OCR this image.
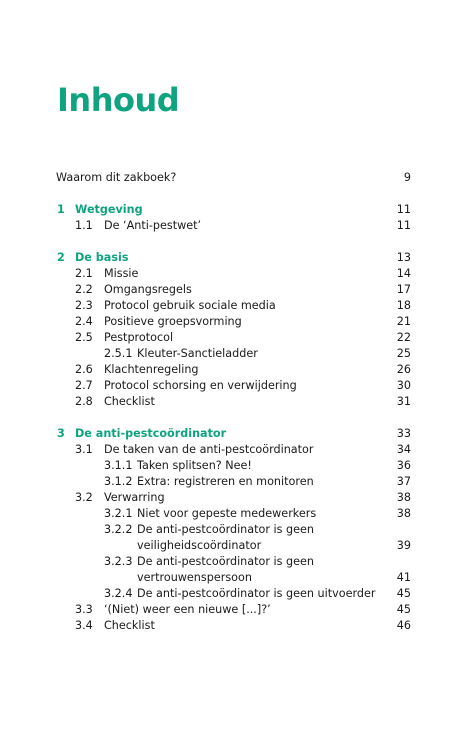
Inhoud
Waarom dit zakboek?	9
1 Wetgeving	11
1.1 De ‘Anti-pestwet’	11
2 De basis	13
2.1 Missie	14
2.2 Omgangsregels	17
2.3 Protocol gebruik sociale media	18
2.4 Positieve groepsvorming	21
2.5 Pestprotocol	22
2.5.1 Kleuter-Sanctieladder	25
2.6 Klachtenregeling	26
2.7 Protocol schorsing en verwijdering	30
2.8 Checklist	31
3 De anti-pestcoördinator	33
3.1 De taken van de anti-pestcoördinator	34
3.1.1 Taken splitsen? Nee!	36
3.1.2 Extra: registreren en monitoren	37
3.2 Verwarring	38
3.2.1 Niet voor gepeste medewerkers	38
3.2.2 De anti-pestcoördinator is geen
veiligheidscoördinator	39
3.2.3 De anti-pestcoördinator is geen
vertrouwenspersoon	41
3.2.4 De anti-pestcoördinator is geen uitvoerder 45
3.3 ‘(Niet) weer een nieuwe [...]?’	45
3.4 Checklist	46
